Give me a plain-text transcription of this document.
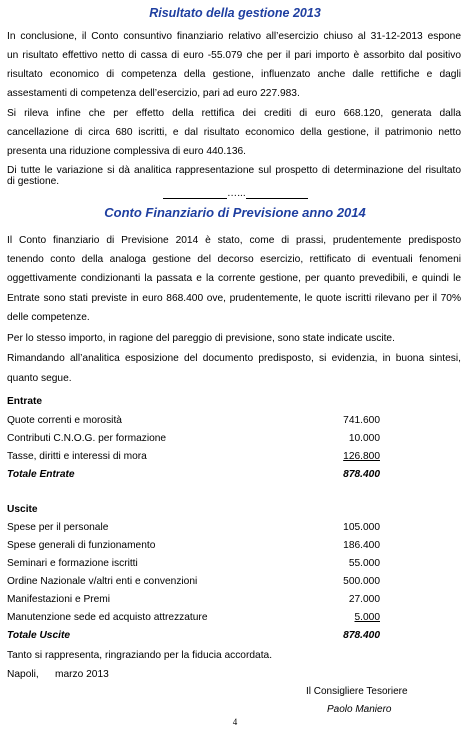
Risultato della gestione 2013
In conclusione, il Conto consuntivo finanziario relativo all’esercizio chiuso al 31-12-2013 espone
un risultato effettivo netto di cassa di euro -55.079 che per il pari importo è assorbito dal positivo
risultato economico di competenza della gestione, influenzato anche dalle rettifiche e dagli
assestamenti di competenza dell’esercizio, pari ad euro 227.983.
Si rileva infine che per effetto della rettifica dei crediti di euro 668.120, generata dalla
cancellazione di circa 680 iscritti, e dal risultato economico della gestione, il patrimonio netto
presenta una riduzione complessiva di euro 440.136.
Di tutte le variazione si dà analitica rappresentazione sul prospetto di determinazione del risultato
di gestione.
…...
Conto Finanziario di Previsione anno 2014
Il Conto finanziario di Previsione 2014 è stato, come di prassi, prudentemente predisposto
tenendo conto della analoga gestione del decorso esercizio, rettificato di eventuali fenomeni
oggettivamente condizionanti la passata e la corrente gestione, per quanto prevedibili, e quindi le
Entrate sono stati previste in euro 868.400 ove, prudentemente, le quote iscritti rilevano per il 70%
delle competenze.
Per lo stesso importo, in ragione del pareggio di previsione, sono state indicate uscite.
Rimandando all’analitica esposizione del documento predisposto, si evidenzia, in buona sintesi,
quanto segue.
Entrate
Quote correnti e morosità	741.600
Contributi C.N.O.G. per formazione	10.000
Tasse, diritti e interessi di mora	126.800
Totale Entrate	878.400
Uscite
Spese per il personale	105.000
Spese generali di funzionamento	186.400
Seminari e formazione iscritti	55.000
Ordine Nazionale v/altri enti e convenzioni	500.000
Manifestazioni e Premi	27.000
Manutenzione sede ed acquisto attrezzature	5.000
Totale Uscite	878.400
Tanto si rappresenta, ringraziando per la fiducia accordata.
Napoli, marzo 2013
Il Consigliere Tesoriere
Paolo Maniero
4
